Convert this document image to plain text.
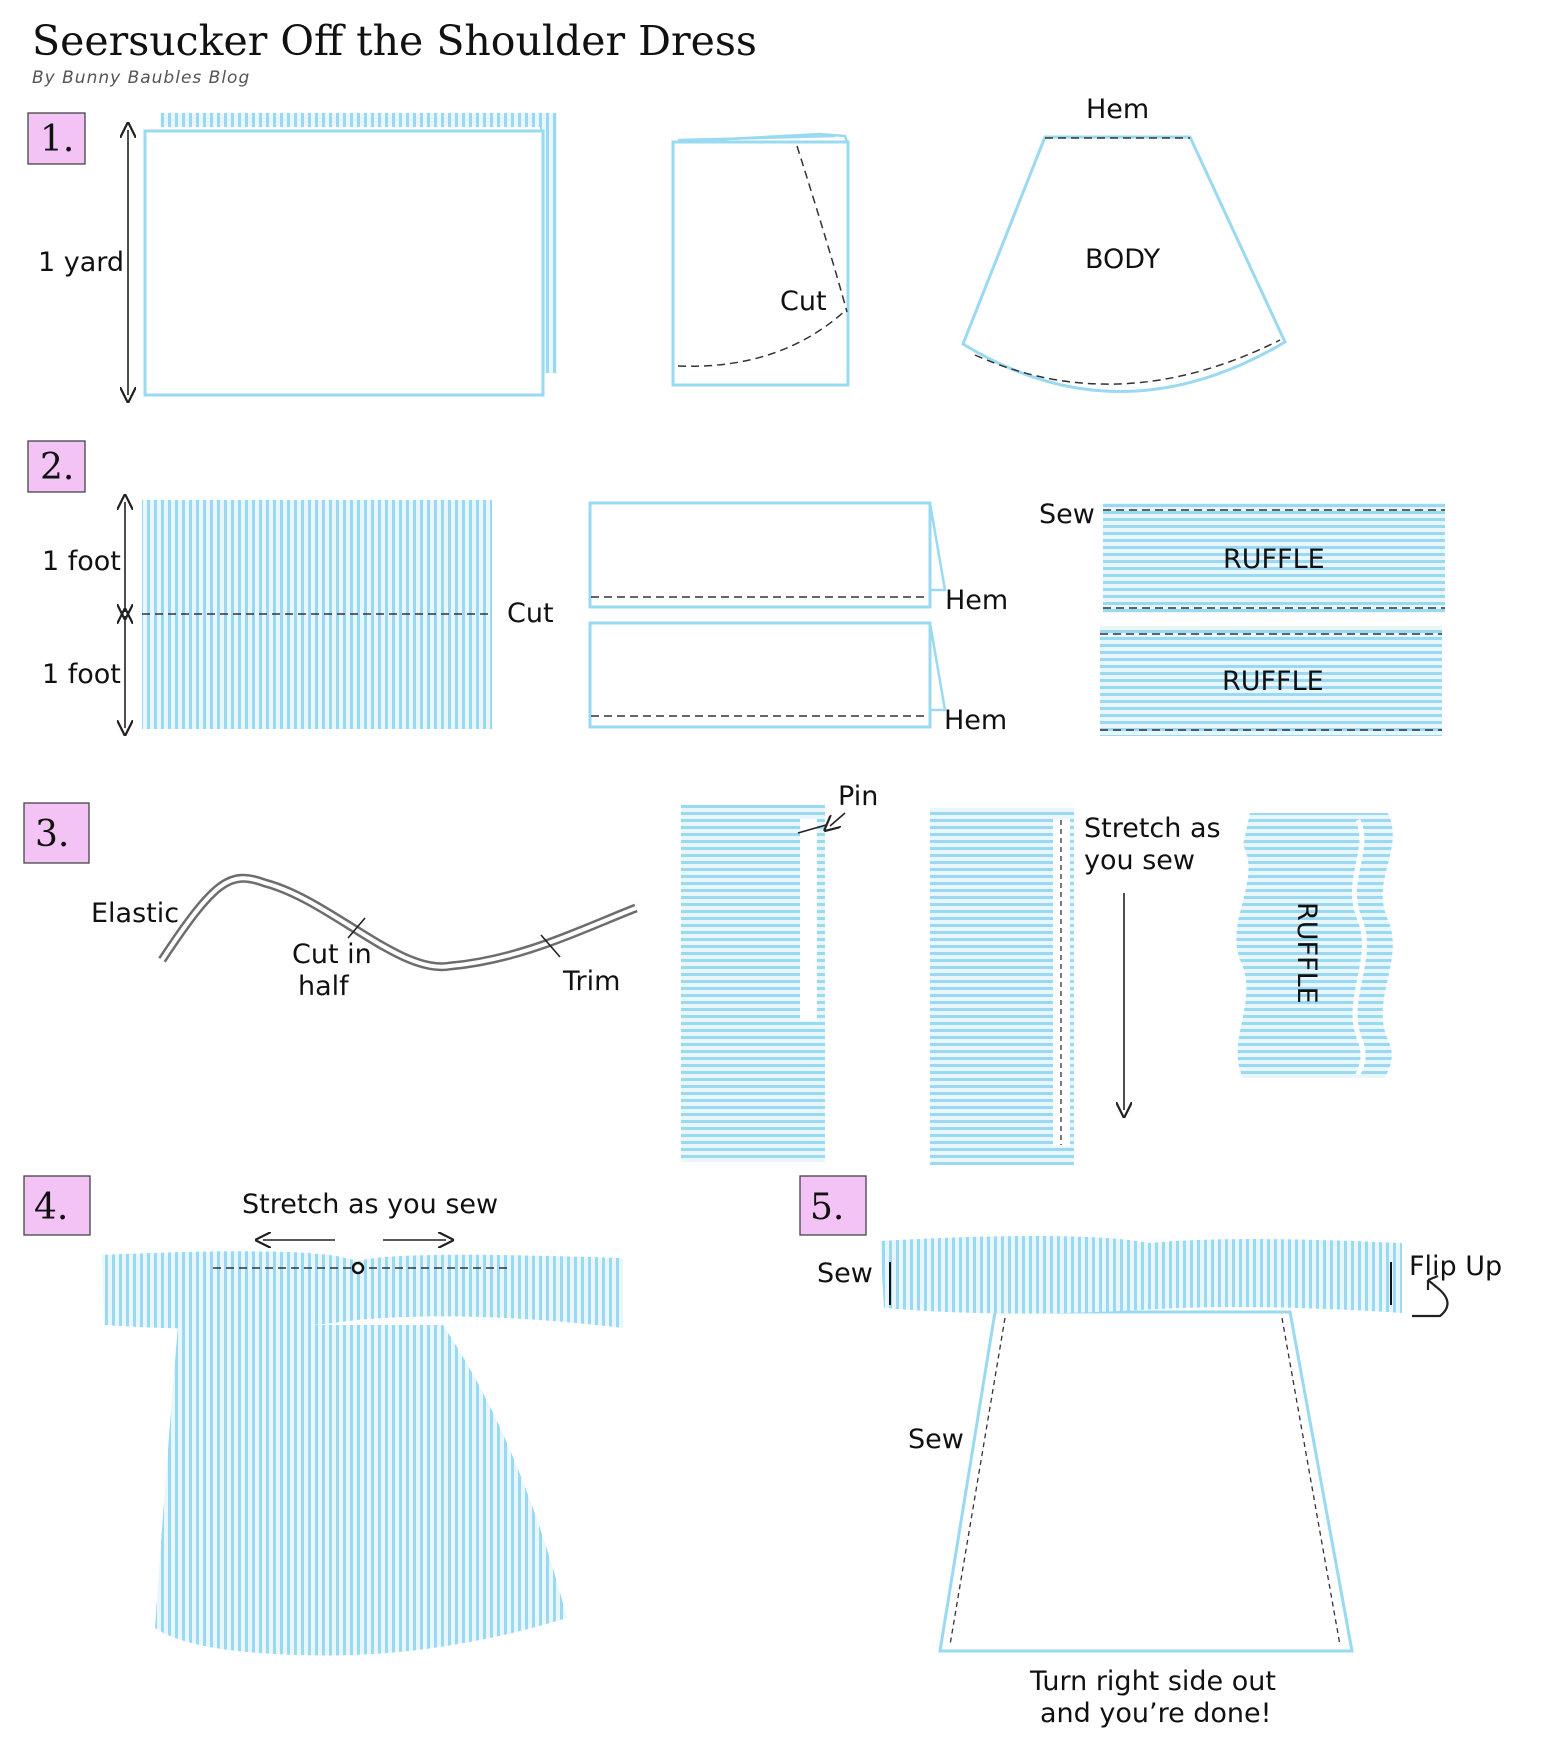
Seersucker Off the Shoulder Dress
By Bunny Baubles Blog
1.
1 yard
Cut
Hem
BODY
2.
1 foot
1 foot
Cut	Hem
Hem
RUFFLE
Sew
RUFFLE
3.
Elastic
Cut in
half	Trim
Pin
Stretch as
you sew
RUFFLE
4.	Stretch as you sew	5.
Sew	Flip Up
Sew
Turn right side out
and you’re done!
